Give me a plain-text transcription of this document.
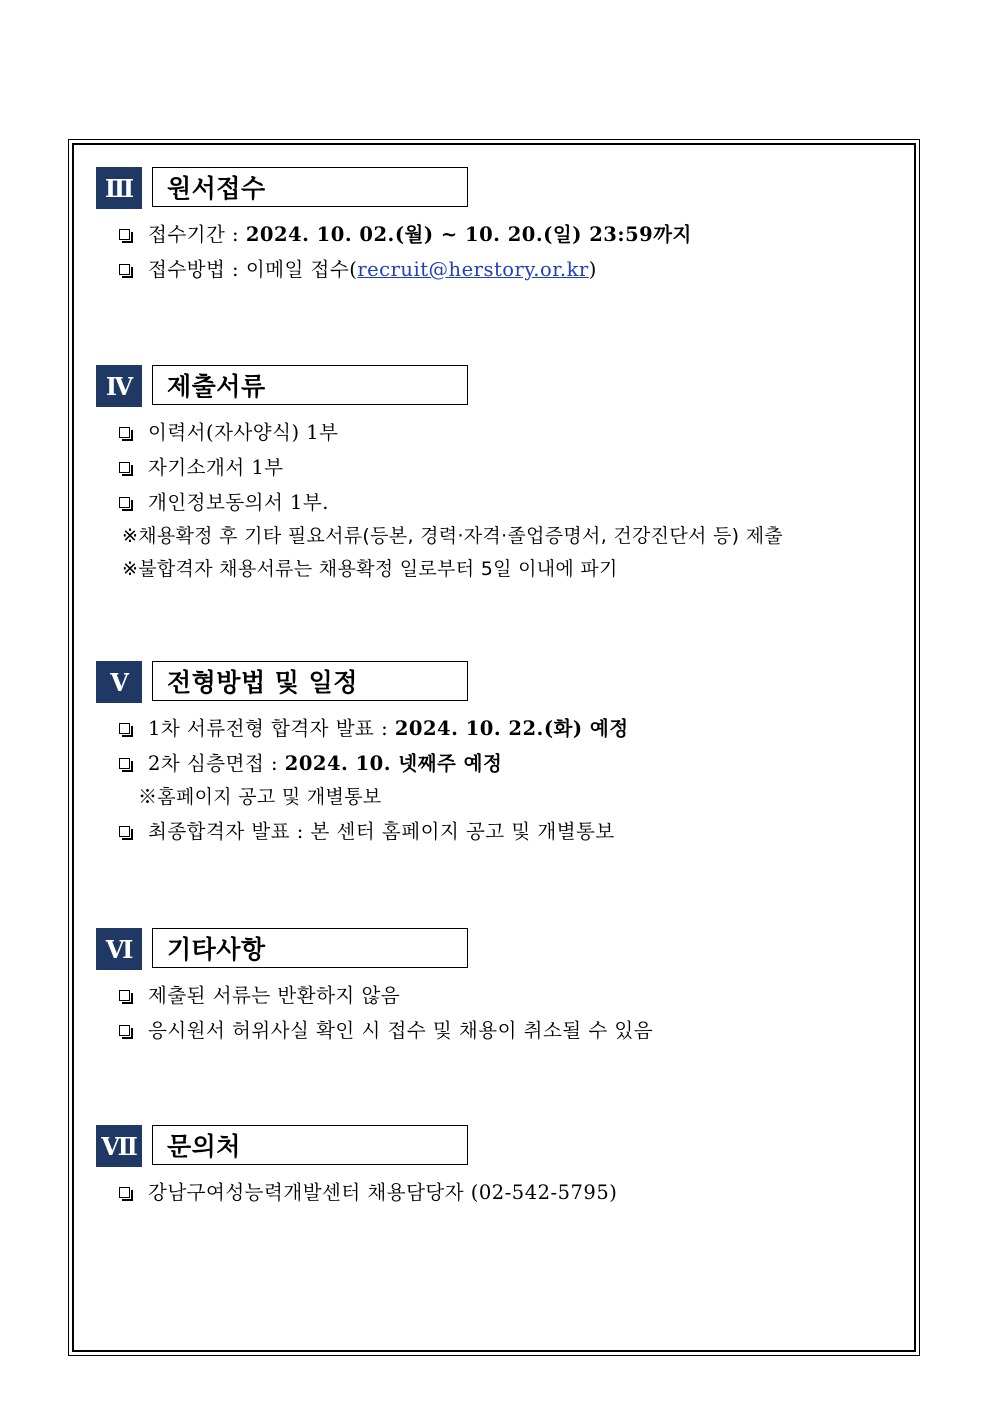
Ⅲ	원서접수
접수기간 : 2024. 10. 02.(월) ~ 10. 20.(일) 23:59까지
접수방법 : 이메일 접수(recruit@herstory.or.kr)
Ⅳ	제출서류
이력서(자사양식) 1부
자기소개서 1부
개인정보동의서 1부.
※채용확정 후 기타 필요서류(등본, 경력·자격·졸업증명서, 건강진단서 등) 제출
※불합격자 채용서류는 채용확정 일로부터 5일 이내에 파기
Ⅴ	전형방법 및 일정
1차 서류전형 합격자 발표 : 2024. 10. 22.(화) 예정
2차 심층면접 : 2024. 10. 넷째주 예정
※홈페이지 공고 및 개별통보
최종합격자 발표 : 본 센터 홈페이지 공고 및 개별통보
Ⅵ	기타사항
제출된 서류는 반환하지 않음
응시원서 허위사실 확인 시 접수 및 채용이 취소될 수 있음
Ⅶ	문의처
강남구여성능력개발센터 채용담당자 (02-542-5795)
